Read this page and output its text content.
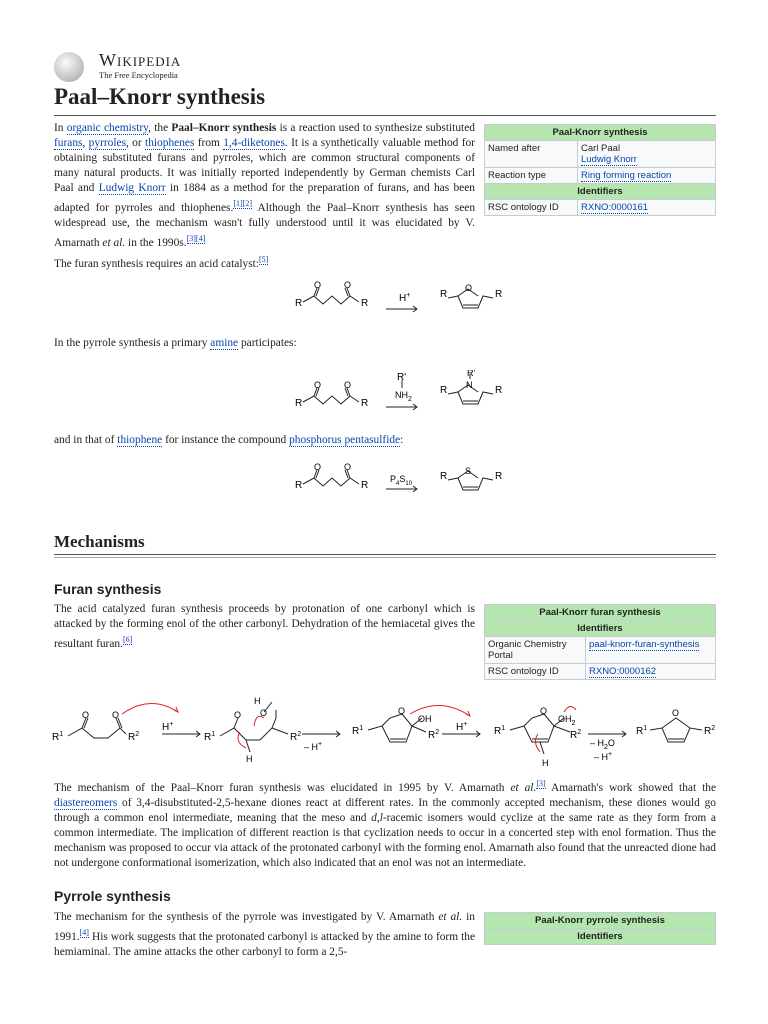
Wikipedia
The Free Encyclopedia
Paal–Knorr synthesis

In organic chemistry, the Paal–Knorr synthesis is a reaction used to synthesize substituted furans, pyrroles, or thiophenes from 1,4-diketones. It is a synthetically valuable method for obtaining substituted furans and pyrroles, which are common structural components of many natural products. It was initially reported independently by German chemists Carl Paal and Ludwig Knorr in 1884 as a method for the preparation of furans, and has been adapted for pyrroles and thiophenes.[1][2] Although the Paal–Knorr synthesis has seen widespread use, the mechanism wasn't fully understood until it was elucidated by V. Amarnath et al. in the 1990s.[3][4]

Paal-Knorr synthesis	
Named after	Carl Paal
Ludwig Knorr
Reaction type	Ring forming reaction
Identifiers	
RSC ontology ID	RXNO:0000161

The furan synthesis requires an acid catalyst:[5]

R
O	O
R	H+	R
O
R

In the pyrrole synthesis a primary amine participates:

R
O	O
R
R'
$NH_2$
R N
R'
R

and in that of thiophene for instance the compound phosphorus pentasulfide:

R
O	O
R
$P_4S_{10}$
R S R
Mechanisms
Furan synthesis

The acid catalyzed furan synthesis proceeds by protonation of one carbonyl which is attacked by the forming enol of the other carbonyl. Dehydration of the hemiacetal gives the resultant furan.[6]

Paal-Knorr furan synthesis	
Identifiers	
Organic Chemistry
Portal	paal-knorr-furan-synthesis
RSC ontology ID	RXNO:0000162
$R^1$
O	O
$R^2$
H+
$R^1$
O O
H
H
$R^2$
– H+
$R^1$
O
OH
$R^2$ H+
$R^1$
O
$OH_2$
$R^2$
H
– $H_2O$
– H+
$R^1$
O
$R^2$

The mechanism of the Paal–Knorr furan synthesis was elucidated in 1995 by V. Amarnath et al.[3] Amarnath's work showed that the diastereomers of 3,4-disubstituted-2,5-hexane diones react at different rates. In the commonly accepted mechanism, these diones would go through a common enol intermediate, meaning that the meso and d,l-racemic isomers would cyclize at the same rate as they form from a common intermediate. The implication of different reaction is that cyclization needs to occur in a concerted step with enol formation. Thus the mechanism was proposed to occur via attack of the protonated carbonyl with the forming enol. Amarnath also found that the unreacted dione had not undergone conformational isomerization, which also indicated that an enol was not an intermediate.

Pyrrole synthesis

The mechanism for the synthesis of the pyrrole was investigated by V. Amarnath et al. in 1991.[4] His work suggests that the protonated carbonyl is attacked by the amine to form the hemiaminal. The amine attacks the other carbonyl to form a 2,5-

Paal-Knorr pyrrole synthesis
Identifiers
